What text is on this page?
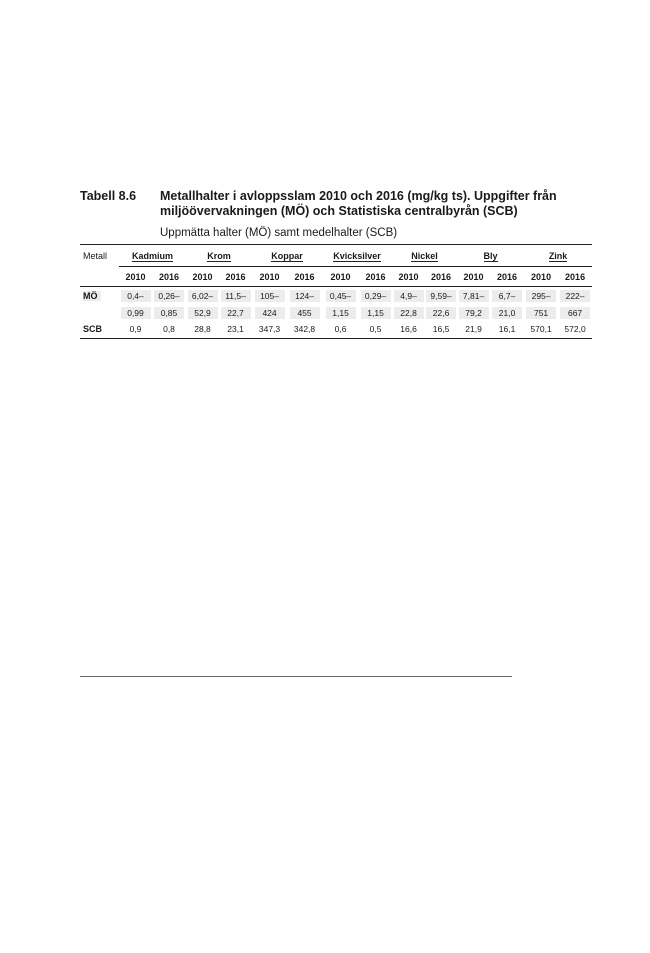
Tabell 8.6 Metallhalter i avloppsslam 2010 och 2016 (mg/kg ts). Uppgifter från miljöövervakningen (MÖ) och Statistiska centralbyrån (SCB)
Uppmätta halter (MÖ) samt medelhalter (SCB)
Metall	Kadmium		Krom		Koppar		Kvicksilver		Nickel		Bly		Zink	
	2010	2016	2010	2016	2010	2016	2010	2016	2010	2016	2010	2016	2010	2016
MÖ	0,4–	0,26–	6,02–	11,5–	105–	124–	0,45–	0,29–	4,9–	9,59–	7,81–	6,7–	295–	222–
	0,99	0,85	52,9	22,7	424	455	1,15	1,15	22,8	22,6	79,2	21,0	751	667
SCB	0,9	0,8	28,8	23,1	347,3	342,8	0,6	0,5	16,6	16,5	21,9	16,1	570,1	572,0
